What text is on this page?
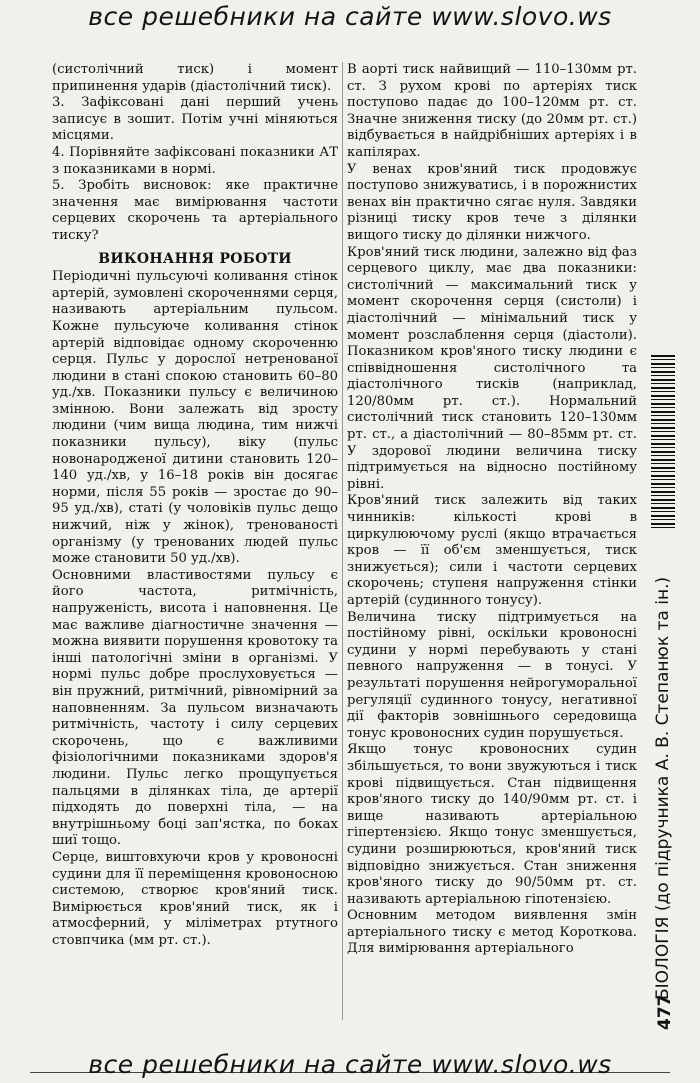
все решебники на сайте www.slovo.ws

(систолічний тиск) і момент припинення ударів (діастолічний тиск).

3. Зафіксовані дані перший учень записує в зошит. Потім учні міняються місцями.

4. Порівняйте зафіксовані показники АТ з показниками в нормі.

5. Зробіть висновок: яке практичне значення має вимірювання частоти серцевих скорочень та артеріального тиску?

ВИКОНАННЯ РОБОТИ

Періодичні пульсуючі коливання стінок артерій, зумовлені скороченнями серця, називають артеріальним пульсом. Кожне пульсуюче коливання стінок артерій відповідає одному скороченню серця. Пульс у дорослої нетренованої людини в стані спокою становить 60–80 уд./хв. Показники пульсу є величиною змінною. Вони залежать від зросту людини (чим вища людина, тим нижчі показники пульсу), віку (пульс новонародженої дитини становить 120–140 уд./хв, у 16–18 років він досягає норми, після 55 років — зростає до 90–95 уд./хв), статі (у чоловіків пульс дещо нижчий, ніж у жінок), тренованості організму (у тренованих людей пульс може становити 50 уд./хв).

Основними властивостями пульсу є його частота, ритмічність, напруженість, висота і наповнення. Це має важливе діагностичне значення — можна виявити порушення кровотоку та інші патологічні зміни в організмі. У нормі пульс добре прослуховується — він пружний, ритмічний, рівномірний за наповненням. За пульсом визначають ритмічність, частоту і силу серцевих скорочень, що є важливими фізіологічними показниками здоров'я людини. Пульс легко прощупується пальцями в ділянках тіла, де артерії підходять до поверхні тіла, — на внутрішньому боці зап'ястка, по боках шиї тощо.

Серце, виштовхуючи кров у кровоносні судини для її переміщення кровоносною системою, створює кров'яний тиск. Вимірюється кров'яний тиск, як і атмосферний, у міліметрах ртутного стовпчика (мм рт. ст.).

В аорті тиск найвищий — 110–130мм рт. ст. З рухом крові по артеріях тиск поступово падає до 100–120мм рт. ст. Значне зниження тиску (до 20мм рт. ст.) відбувається в найдрібніших артеріях і в капілярах.

У венах кров'яний тиск продовжує поступово знижуватись, і в порожнистих венах він практично сягає нуля. Завдяки різниці тиску кров тече з ділянки вищого тиску до ділянки нижчого.

Кров'яний тиск людини, залежно від фаз серцевого циклу, має два показники: систолічний — максимальний тиск у момент скорочення серця (систоли) і діастолічний — мінімальний тиск у момент розслаблення серця (діастоли). Показником кров'яного тиску людини є співвідношення систолічного та діастолічного тисків (наприклад, 120/80мм рт. ст.). Нормальний систолічний тиск становить 120–130мм рт. ст., а діастолічний — 80–85мм рт. ст. У здорової людини величина тиску підтримується на відносно постійному рівні.

Кров'яний тиск залежить від таких чинників: кількості крові в циркулюючому руслі (якщо втрачається кров — її об'єм зменшується, тиск знижується); сили і частоти серцевих скорочень; ступеня напруження стінки артерій (судинного тонусу).

Величина тиску підтримується на постійному рівні, оскільки кровоносні судини у нормі перебувають у стані певного напруження — в тонусі. У результаті порушення нейрогуморальної регуляції судинного тонусу, негативної дії факторів зовнішнього середовища тонус кровоносних судин порушується.

Якщо тонус кровоносних судин збільшується, то вони звужуються і тиск крові підвищується. Стан підвищення кров'яного тиску до 140/90мм рт. ст. і вище називають артеріальною гіпертензією. Якщо тонус зменшується, судини розширюються, кров'яний тиск відповідно знижується. Стан зниження кров'яного тиску до 90/50мм рт. ст. називають артеріальною гіпотензією.

Основним методом виявлення змін артеріального тиску є метод Короткова. Для вимірювання артеріального	БІОЛОГІЯ (до підручника А. В. Степанюк та ін.)
477
все решебники на сайте www.slovo.ws
